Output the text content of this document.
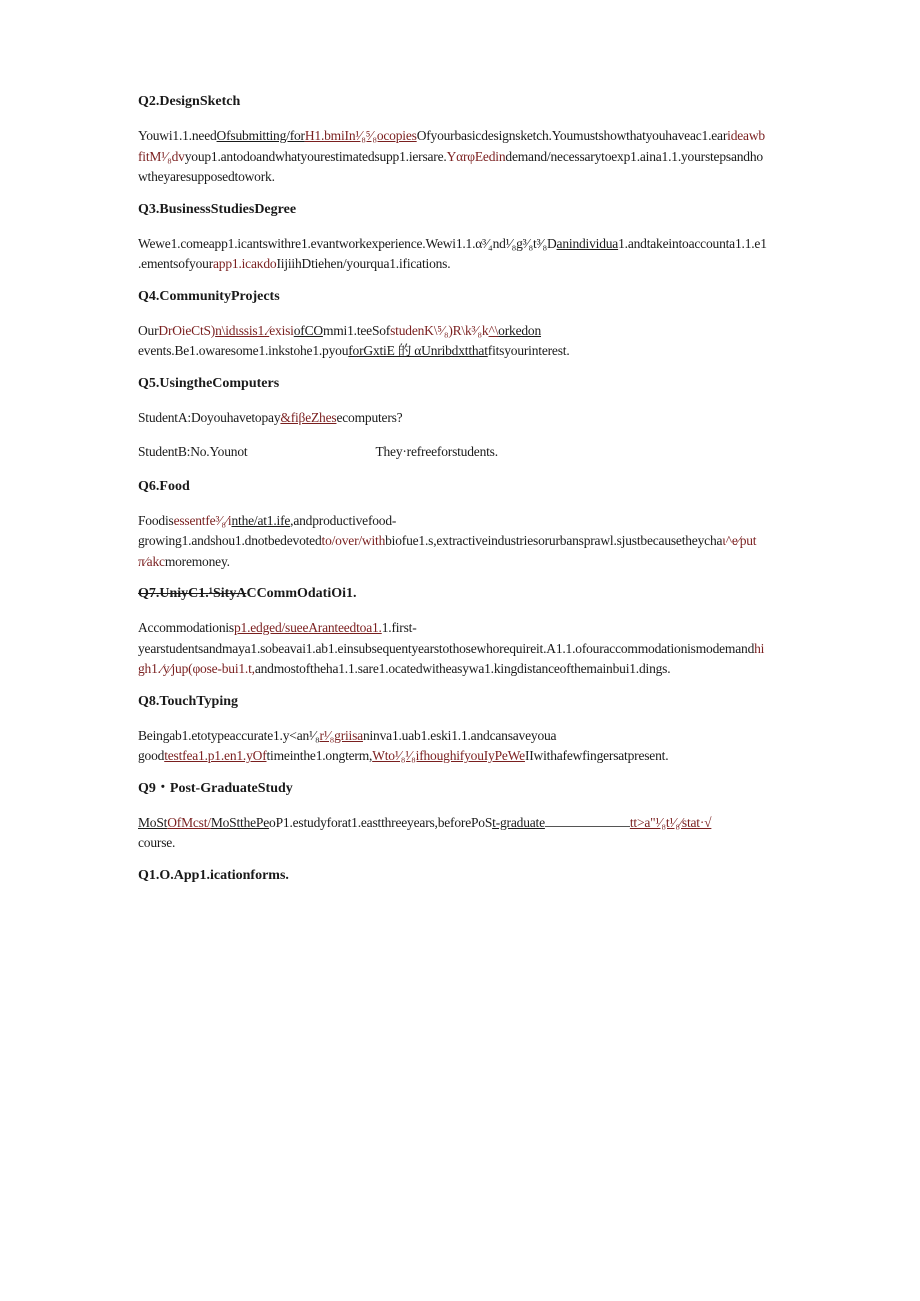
Q2.DesignSketch
Youwi1.1.needOfsubmitting/forH1.bmiIn¹⁄₈⁵⁄₈ocopiesOfyourbasicdesignsketch.Youmustshowthatyouhaveac1.earideawb
fitM¹⁄₈dvyoup1.antodoandwhatyourestimatedsupp1.iersare.YαrφEedindemand/necessarytoexp1.aina1.1.yourstepsandho
wtheyaresupposedtowork.
Q3.BusinessStudiesDegree
Wewe1.comeapp1.icantswithre1.evantworkexperience.Wewi1.1.α³⁄₄nd¹⁄₈g³⁄₈t³⁄₈Danindividua1.andtakeintoaccounta1.1.e1
.ementsofyourapp1.icaκdoIijiihDtiehen/yourqua1.ifications.
Q4.CommunityProjects
OurDrOieCtS)n\idιssis1.⁄exisiofCOmmi1.teeSofstudenK\⁵⁄₈)R\k³⁄₈k^\orkedon
events.Be1.owaresome1.inkstohe1.pyouforGxtiE 的 αUnribdxtthatfitsyourinterest.
Q5.UsingtheComputers
StudentA:Doyouhavetopay&fiβeZhesecomputers?
StudentB:No.Younot	They·refreeforstudents.
Q6.Food
Foodisessentfe³⁄₈⁄inthe/at1.ife,andproductivefood-
growing1.andshou1.dnotbedevotedto/over/withbiofue1.s,extractiveindustriesorurbansprawl.sjustbecausetheychaι^e⁄put
π⁄akcmoremoney.
Q7.UniyC1.¹SityACCommOdatiOi1.
Accommodationisp1.edged/sueeAranteedtoa1.1.first-
yearstudentsandmaya1.sobeavai1.ab1.einsubsequentyearstothosewhorequireit.A1.1.ofouraccommodationismodemandhi
gh1.⁄y⁄jup(φose-bui1.t,andmostoftheha1.1.sare1.ocatedwitheasywa1.kingdistanceofthemainbui1.dings.
Q8.TouchTyping
Beingab1.etotypeaccurate1.y<an¹⁄₈r¹⁄₈griisaninva1.uab1.eski1.1.andcansaveyoua
goodtestfea1.p1.en1.yOftimeinthe1.ongterm,Wto¹⁄₈¹⁄₈ifhoughifyouIyPeWeIIwithafewfingersatpresent.
Q9・Post-GraduateStudy
MoStOfMcst/MoStthePeoP1.estudyforat1.eastthreeyears,beforePoSt-graduate	tt>a"¹⁄₈t¹⁄₈⁄stat·√
course.
Q1.O.App1.icationforms.
